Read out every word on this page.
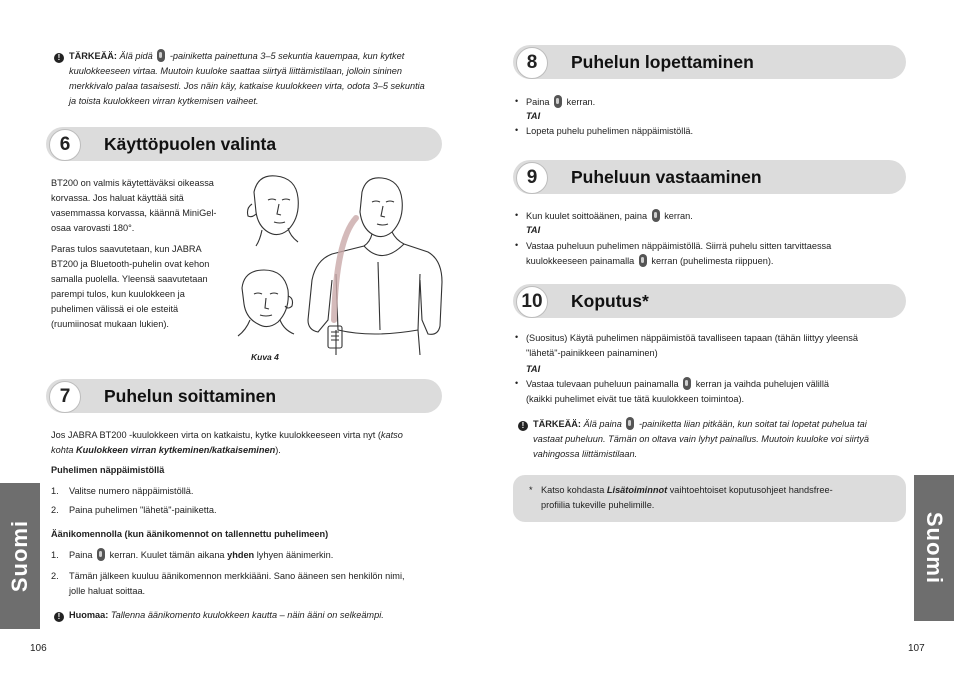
! TÄRKEÄÄ: Älä pidä -painiketta painettuna 3–5 sekuntia kauempaa, kun kytket
kuulokkeeseen virtaa. Muutoin kuuloke saattaa siirtyä liittämistilaan, jolloin sininen
merkkivalo palaa tasaisesti. Jos näin käy, katkaise kuulokkeen virta, odota 3–5 sekuntia
ja toista kuulokkeen virran kytkemisen vaiheet.
6	Käyttöpuolen valinta
BT200 on valmis käytettäväksi oikeassa
korvassa. Jos haluat käyttää sitä
vasemmassa korvassa, käännä MiniGel-
osaa varovasti 180°.
Paras tulos saavutetaan, kun JABRA
BT200 ja Bluetooth-puhelin ovat kehon
samalla puolella. Yleensä saavutetaan
parempi tulos, kun kuulokkeen ja
puhelimen välissä ei ole esteitä
(ruumiinosat mukaan lukien).
Kuva 4
7	Puhelun soittaminen
Jos JABRA BT200 -kuulokkeen virta on katkaistu, kytke kuulokkeeseen virta nyt (katso
kohta Kuulokkeen virran kytkeminen/katkaiseminen).
Puhelimen näppäimistöllä
1. Valitse numero näppäimistöllä.
2. Paina puhelimen "lähetä"-painiketta.
Äänikomennolla (kun äänikomennot on tallennettu puhelimeen)
1. Paina kerran. Kuulet tämän aikana yhden lyhyen äänimerkin.
2. Tämän jälkeen kuuluu äänikomennon merkkiääni. Sano ääneen sen henkilön nimi,
jolle haluat soittaa.
! Huomaa: Tallenna äänikomento kuulokkeen kautta – näin ääni on selkeämpi.
Suomi
106
8	Puhelun lopettaminen
• Paina kerran.
TAI
• Lopeta puhelu puhelimen näppäimistöllä.
9	Puheluun vastaaminen
• Kun kuulet soittoäänen, paina kerran.
TAI
• Vastaa puheluun puhelimen näppäimistöllä. Siirrä puhelu sitten tarvittaessa
kuulokkeeseen painamalla kerran (puhelimesta riippuen).
10	Koputus*
• (Suositus) Käytä puhelimen näppäimistöä tavalliseen tapaan (tähän liittyy yleensä
"lähetä"-painikkeen painaminen)
TAI
• Vastaa tulevaan puheluun painamalla kerran ja vaihda puhelujen välillä
(kaikki puhelimet eivät tue tätä kuulokkeen toimintoa).
! TÄRKEÄÄ: Älä paina -painiketta liian pitkään, kun soitat tai lopetat puhelua tai
vastaat puheluun. Tämän on oltava vain lyhyt painallus. Muutoin kuuloke voi siirtyä
vahingossa liittämistilaan.
* Katso kohdasta Lisätoiminnot vaihtoehtoiset koputusohjeet handsfree-
profiilia tukeville puhelimille.
Suomi
107
